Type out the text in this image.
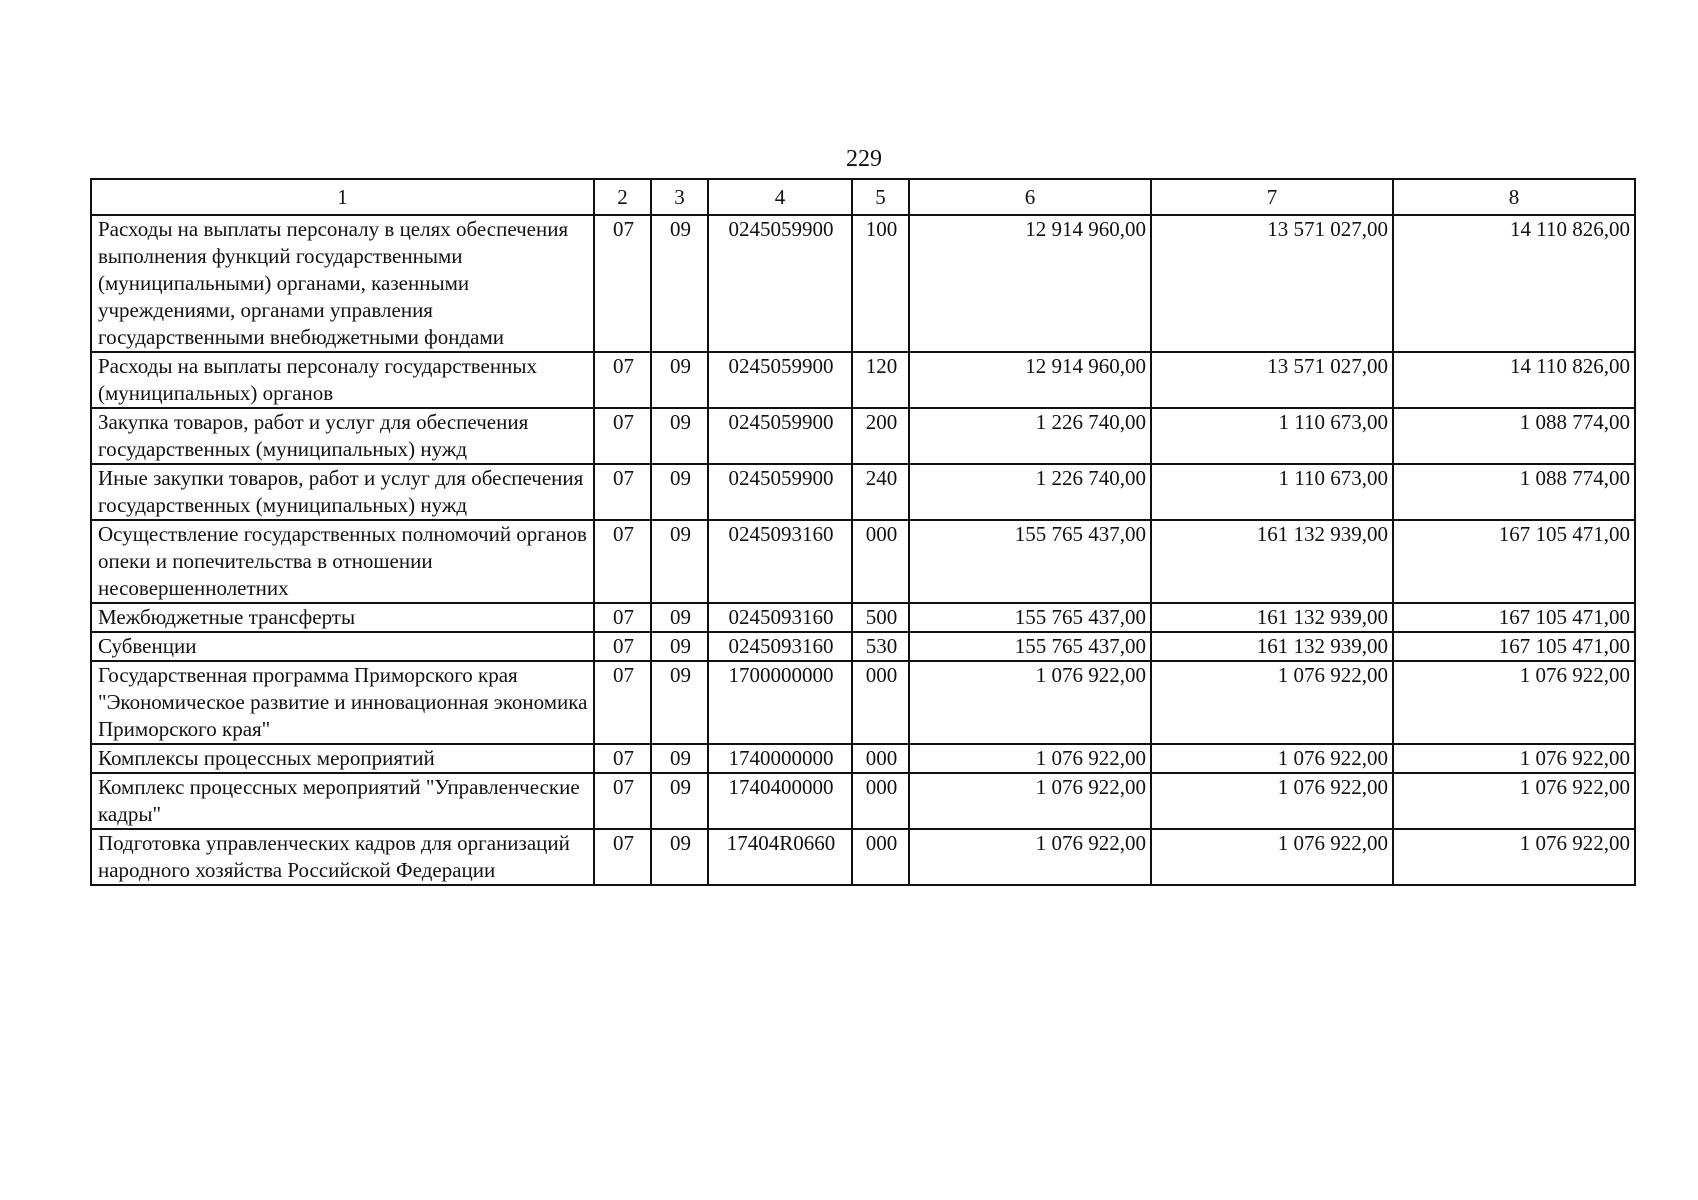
229
1	2	3	4	5	6	7	8
Расходы на выплаты персоналу в целях обеспечения выполнения функций государственными (муниципальными) органами, казенными учреждениями, органами управления государственными внебюджетными фондами	07	09	0245059900	100	12 914 960,00	13 571 027,00	14 110 826,00

Расходы на выплаты персоналу государственных (муниципальных) органов	07	09	0245059900	120	12 914 960,00	13 571 027,00	14 110 826,00

Закупка товаров, работ и услуг для обеспечения государственных (муниципальных) нужд	07	09	0245059900	200	1 226 740,00	1 110 673,00	1 088 774,00

Иные закупки товаров, работ и услуг для обеспечения государственных (муниципальных) нужд	07	09	0245059900	240	1 226 740,00	1 110 673,00	1 088 774,00

Осуществление государственных полномочий органов опеки и попечительства в отношении несовершеннолетних	07	09	0245093160	000	155 765 437,00	161 132 939,00	167 105 471,00

Межбюджетные трансферты	07	09	0245093160	500	155 765 437,00	161 132 939,00	167 105 471,00

Субвенции	07	09	0245093160	530	155 765 437,00	161 132 939,00	167 105 471,00

Государственная программа Приморского края "Экономическое развитие и инновационная экономика Приморского края"	07	09	1700000000	000	1 076 922,00	1 076 922,00	1 076 922,00

Комплексы процессных мероприятий	07	09	1740000000	000	1 076 922,00	1 076 922,00	1 076 922,00

Комплекс процессных мероприятий "Управленческие кадры"	07	09	1740400000	000	1 076 922,00	1 076 922,00	1 076 922,00

Подготовка управленческих кадров для организаций народного хозяйства Российской Федерации	07	09	17404R0660	000	1 076 922,00	1 076 922,00	1 076 922,00
